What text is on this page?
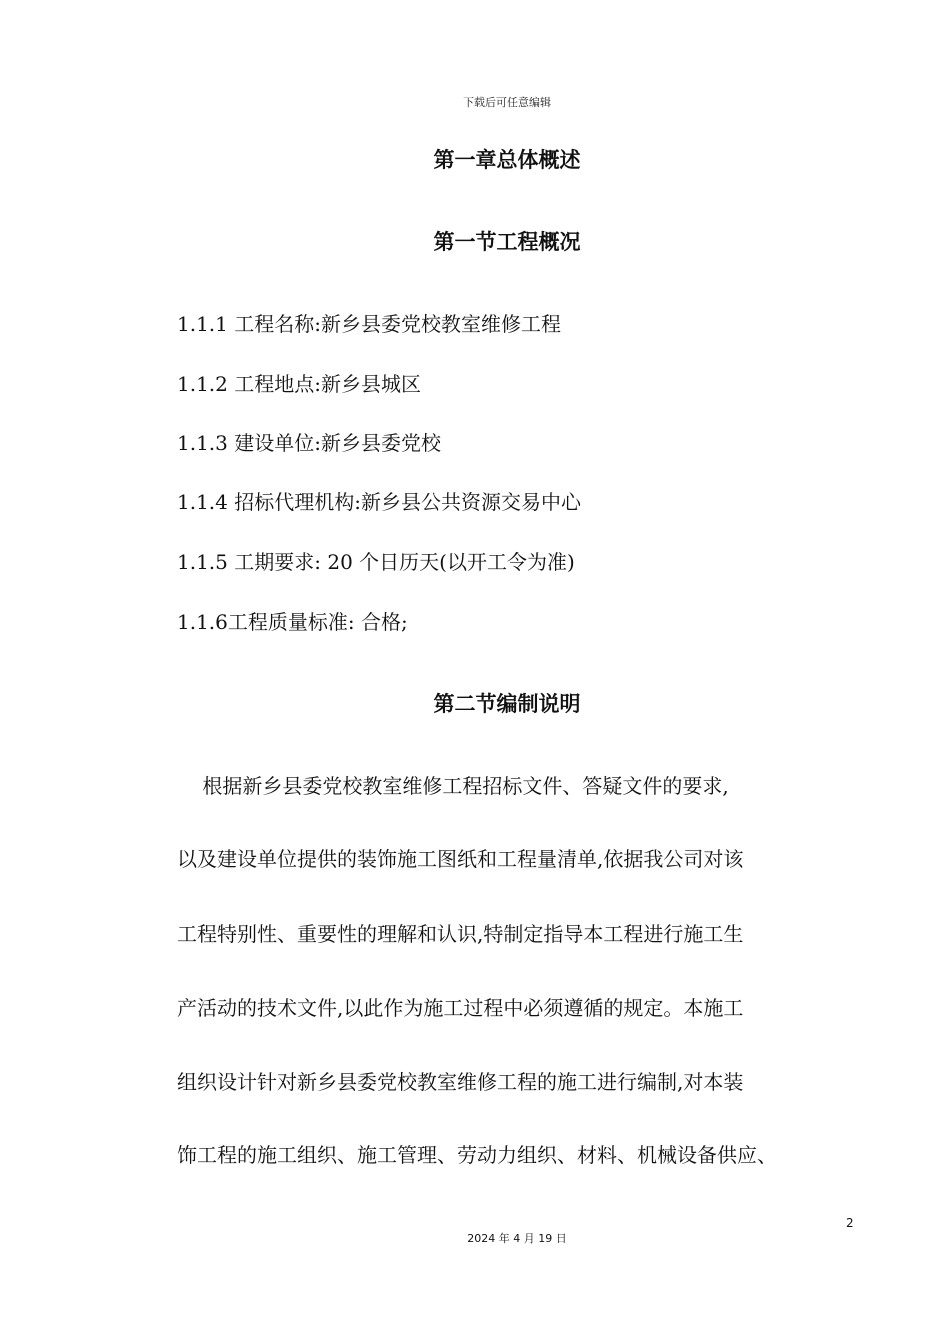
下载后可任意编辑
第一章总体概述
第一节工程概况
1.1.1 工程名称:新乡县委党校教室维修工程
1.1.2 工程地点:新乡县城区
1.1.3 建设单位:新乡县委党校
1.1.4 招标代理机构:新乡县公共资源交易中心
1.1.5 工期要求: 20 个日历天(以开工令为准)
1.1.6工程质量标准: 合格;
第二节编制说明
根据新乡县委党校教室维修工程招标文件、答疑文件的要求,
以及建设单位提供的装饰施工图纸和工程量清单,依据我公司对该
工程特别性、重要性的理解和认识,特制定指导本工程进行施工生
产活动的技术文件,以此作为施工过程中必须遵循的规定。本施工
组织设计针对新乡县委党校教室维修工程的施工进行编制,对本装
饰工程的施工组织、施工管理、劳动力组织、材料、机械设备供应、
2
2024 年 4 月 19 日
